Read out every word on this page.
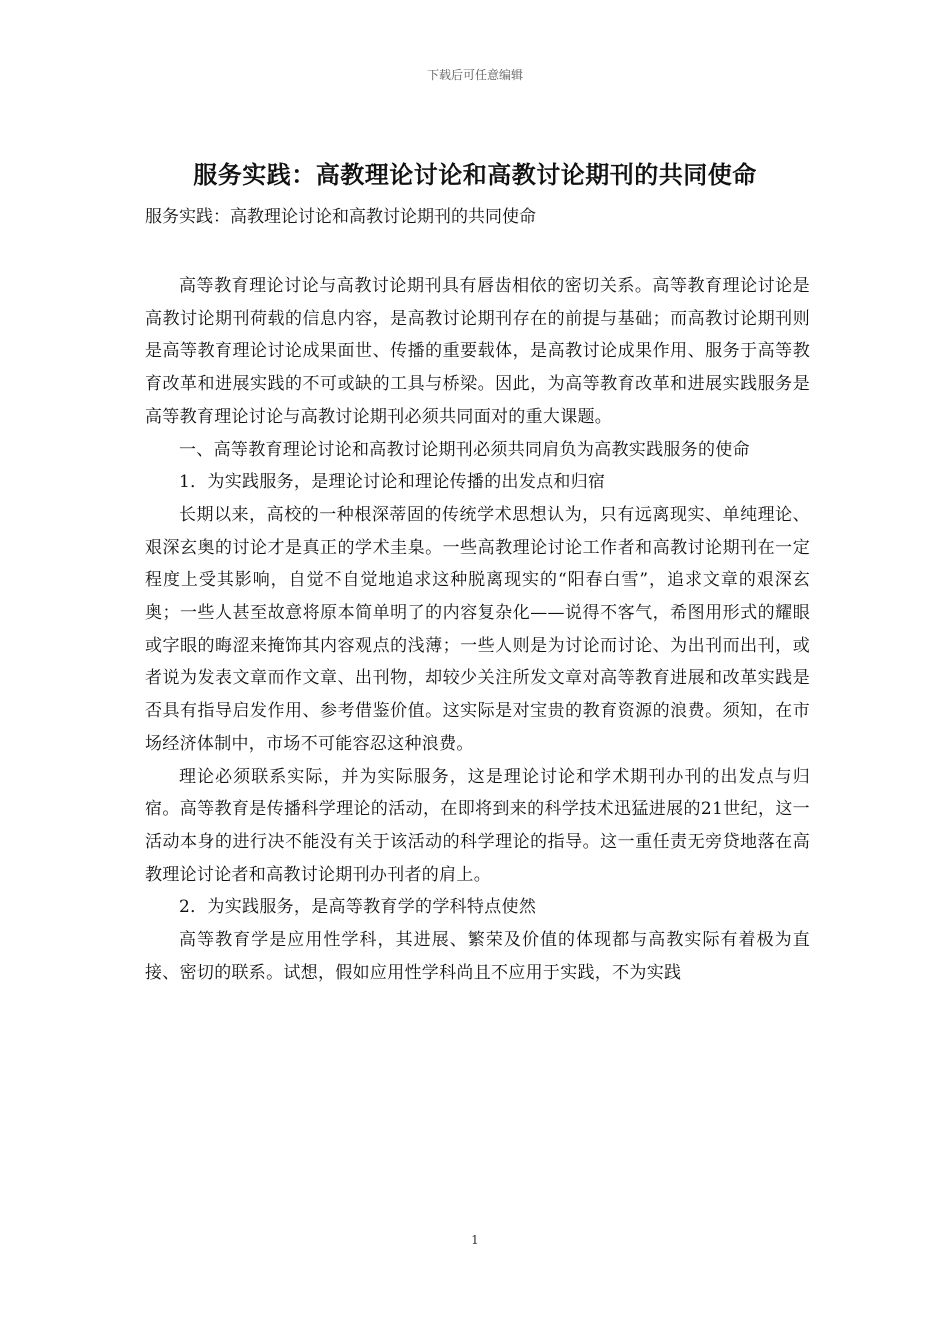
下载后可任意编辑
服务实践：高教理论讨论和高教讨论期刊的共同使命
服务实践：高教理论讨论和高教讨论期刊的共同使命

高等教育理论讨论与高教讨论期刊具有唇齿相依的密切关系。高等教育理论讨论是高教讨论期刊荷载的信息内容，是高教讨论期刊存在的前提与基础；而高教讨论期刊则是高等教育理论讨论成果面世、传播的重要载体，是高教讨论成果作用、服务于高等教育改革和进展实践的不可或缺的工具与桥梁。因此，为高等教育改革和进展实践服务是高等教育理论讨论与高教讨论期刊必须共同面对的重大课题。

一、高等教育理论讨论和高教讨论期刊必须共同肩负为高教实践服务的使命

1．为实践服务，是理论讨论和理论传播的出发点和归宿

长期以来，高校的一种根深蒂固的传统学术思想认为，只有远离现实、单纯理论、艰深玄奥的讨论才是真正的学术圭臬。一些高教理论讨论工作者和高教讨论期刊在一定程度上受其影响，自觉不自觉地追求这种脱离现实的“阳春白雪”，追求文章的艰深玄奥；一些人甚至故意将原本简单明了的内容复杂化——说得不客气，希图用形式的耀眼或字眼的晦涩来掩饰其内容观点的浅薄；一些人则是为讨论而讨论、为出刊而出刊，或者说为发表文章而作文章、出刊物，却较少关注所发文章对高等教育进展和改革实践是否具有指导启发作用、参考借鉴价值。这实际是对宝贵的教育资源的浪费。须知，在市场经济体制中，市场不可能容忍这种浪费。

理论必须联系实际，并为实际服务，这是理论讨论和学术期刊办刊的出发点与归宿。高等教育是传播科学理论的活动，在即将到来的科学技术迅猛进展的21世纪，这一活动本身的进行决不能没有关于该活动的科学理论的指导。这一重任责无旁贷地落在高教理论讨论者和高教讨论期刊办刊者的肩上。

2．为实践服务，是高等教育学的学科特点使然

高等教育学是应用性学科，其进展、繁荣及价值的体现都与高教实际有着极为直接、密切的联系。试想，假如应用性学科尚且不应用于实践，不为实践

1
